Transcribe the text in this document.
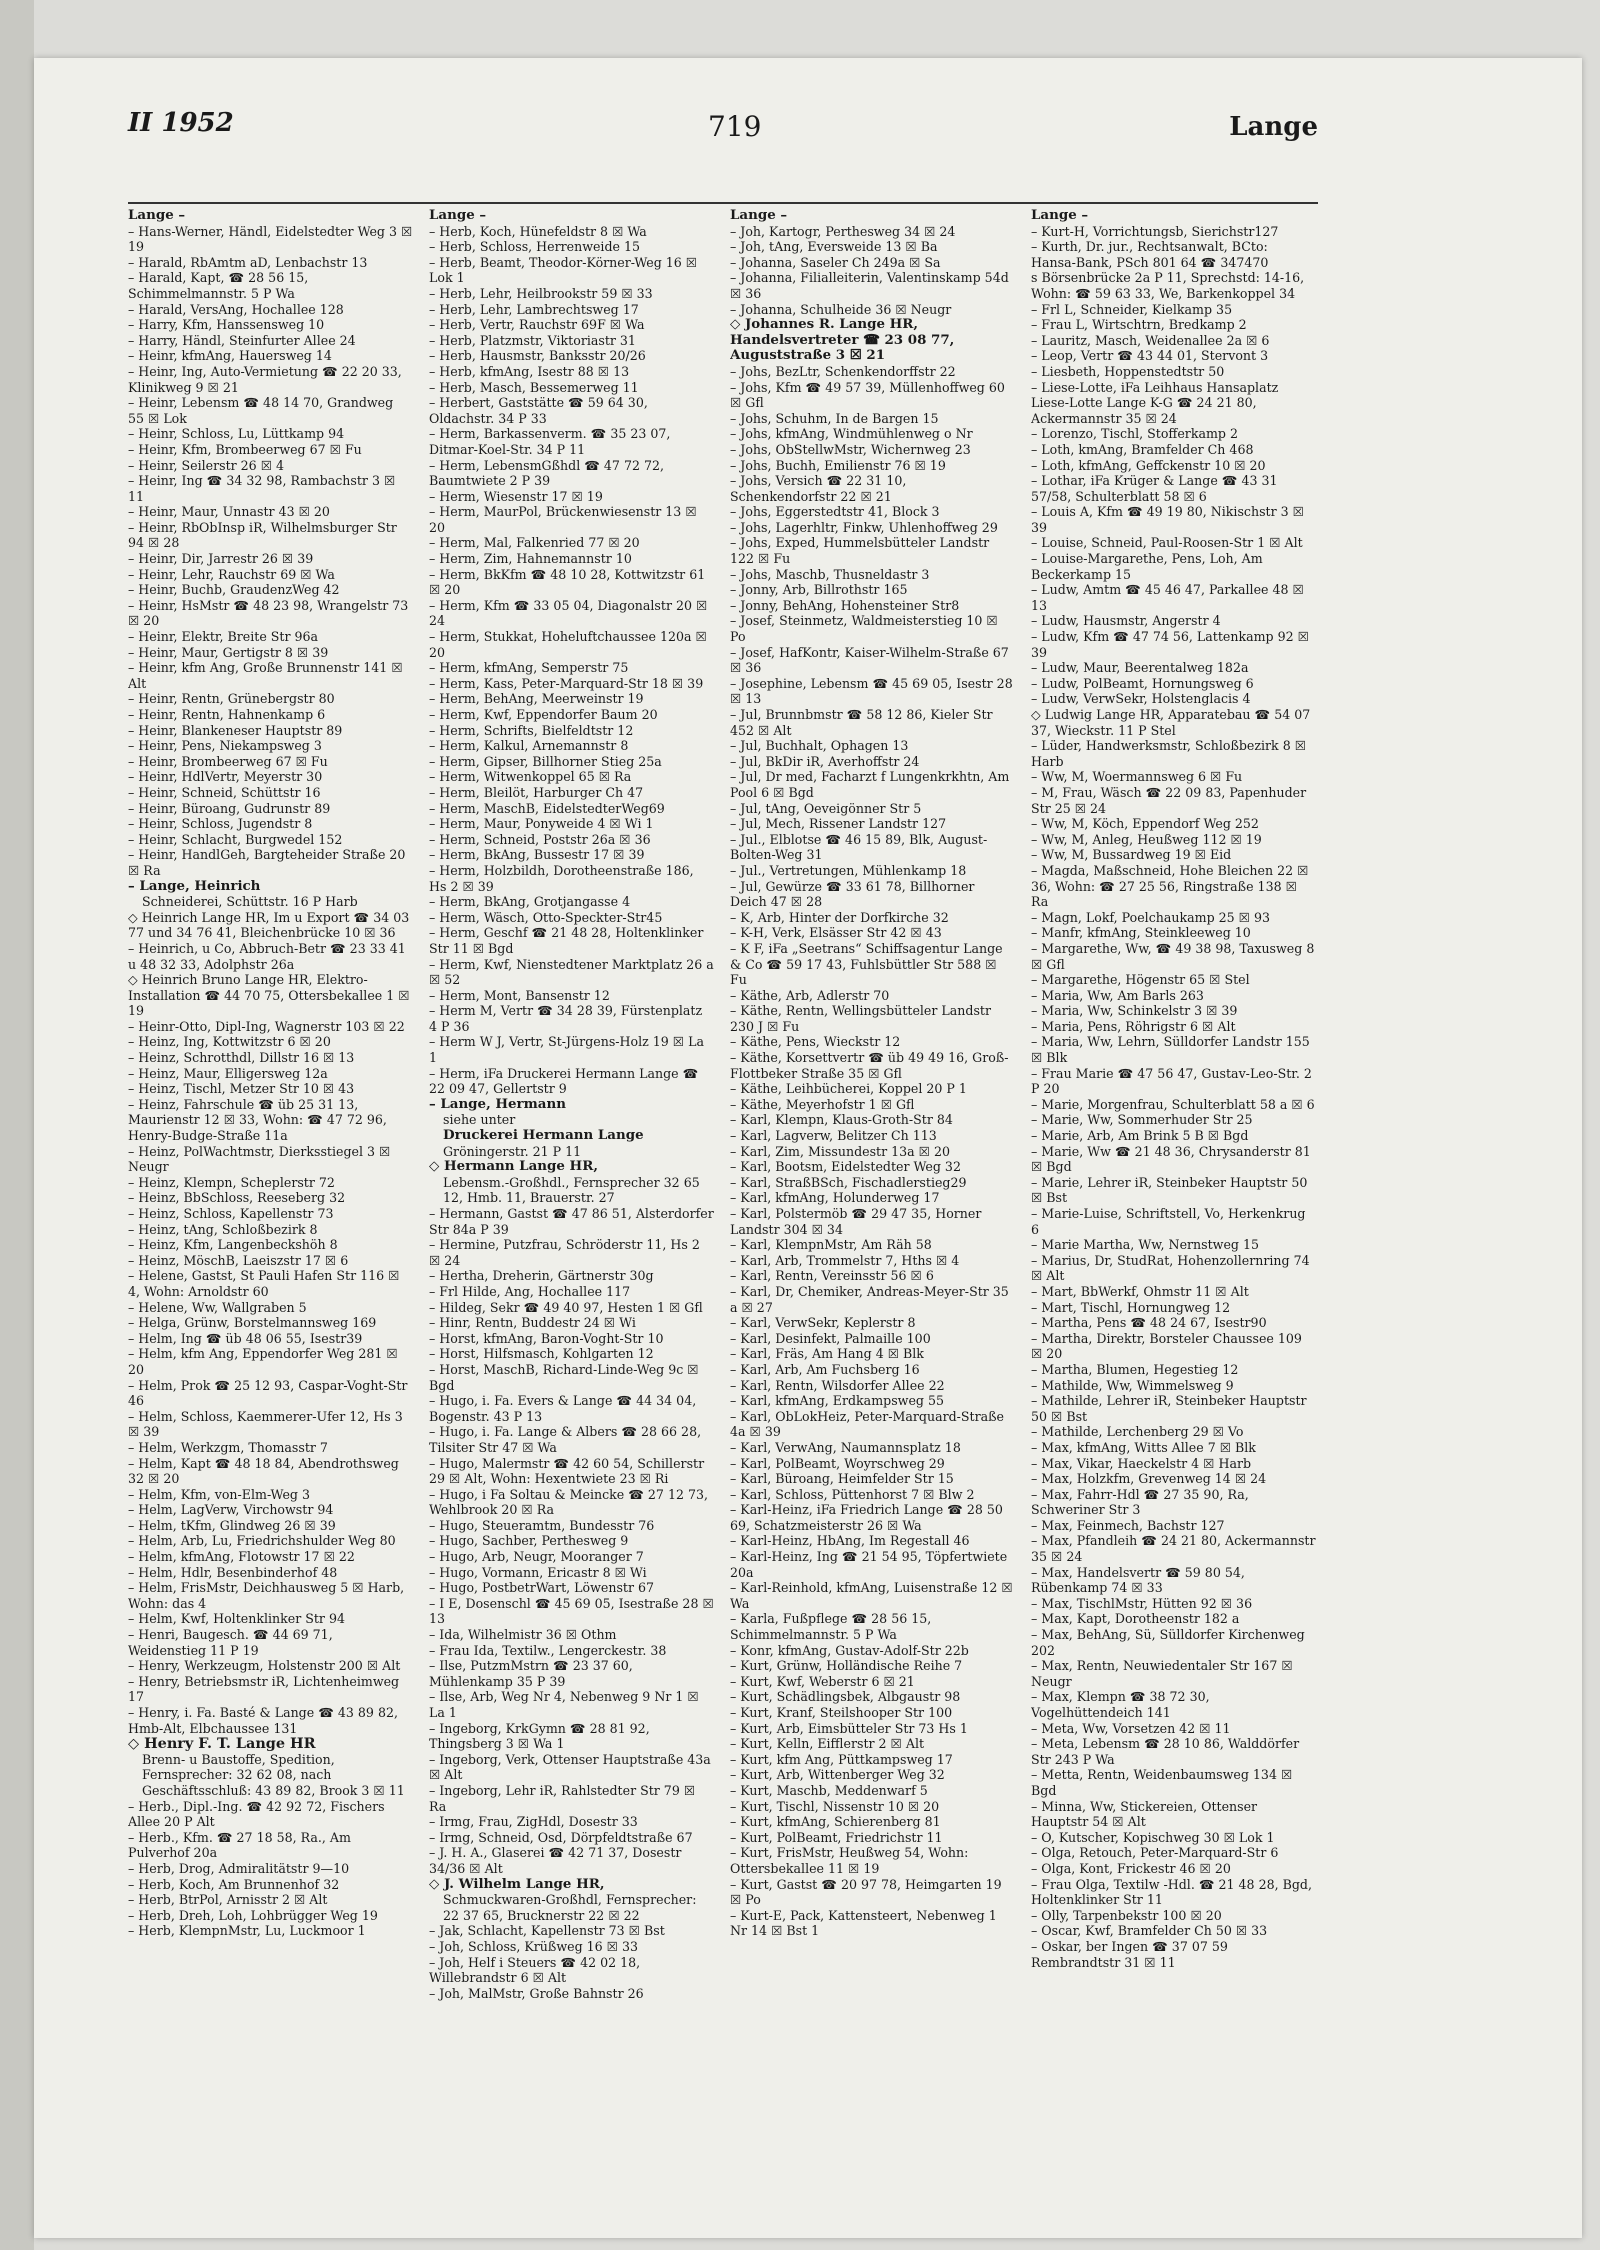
II 1952	719	Lange

Lange –

– Hans-Werner, Händl, Eidelstedter Weg 3 ☒ 19

– Harald, RbAmtm aD, Lenbachstr 13

– Harald, Kapt, ☎ 28 56 15, Schimmelmannstr. 5 P Wa

– Harald, VersAng, Hochallee 128

– Harry, Kfm, Hanssensweg 10

– Harry, Händl, Steinfurter Allee 24

– Heinr, kfmAng, Hauersweg 14

– Heinr, Ing, Auto-Vermietung ☎ 22 20 33, Klinikweg 9 ☒ 21

– Heinr, Lebensm ☎ 48 14 70, Grandweg 55 ☒ Lok

– Heinr, Schloss, Lu, Lüttkamp 94

– Heinr, Kfm, Brombeerweg 67 ☒ Fu

– Heinr, Seilerstr 26 ☒ 4

– Heinr, Ing ☎ 34 32 98, Rambachstr 3 ☒ 11

– Heinr, Maur, Unnastr 43 ☒ 20

– Heinr, RbObInsp iR, Wilhelmsburger Str 94 ☒ 28

– Heinr, Dir, Jarrestr 26 ☒ 39

– Heinr, Lehr, Rauchstr 69 ☒ Wa

– Heinr, Buchb, GraudenzWeg 42

– Heinr, HsMstr ☎ 48 23 98, Wrangelstr 73 ☒ 20

– Heinr, Elektr, Breite Str 96a

– Heinr, Maur, Gertigstr 8 ☒ 39

– Heinr, kfm Ang, Große Brunnenstr 141 ☒ Alt

– Heinr, Rentn, Grünebergstr 80

– Heinr, Rentn, Hahnenkamp 6

– Heinr, Blankeneser Hauptstr 89

– Heinr, Pens, Niekampsweg 3

– Heinr, Brombeerweg 67 ☒ Fu

– Heinr, HdlVertr, Meyerstr 30

– Heinr, Schneid, Schüttstr 16

– Heinr, Büroang, Gudrunstr 89

– Heinr, Schloss, Jugendstr 8

– Heinr, Schlacht, Burgwedel 152

– Heinr, HandlGeh, Bargteheider Straße 20 ☒ Ra

– Lange, Heinrich

Schneiderei, Schüttstr. 16 P Harb

◇ Heinrich Lange HR, Im u Export ☎ 34 03 77 und 34 76 41, Bleichenbrücke 10 ☒ 36

– Heinrich, u Co, Abbruch-Betr ☎ 23 33 41 u 48 32 33, Adolphstr 26a

◇ Heinrich Bruno Lange HR, Elektro-Installation ☎ 44 70 75, Ottersbekallee 1 ☒ 19

– Heinr-Otto, Dipl-Ing, Wagnerstr 103 ☒ 22

– Heinz, Ing, Kottwitzstr 6 ☒ 20

– Heinz, Schrotthdl, Dillstr 16 ☒ 13

– Heinz, Maur, Elligersweg 12a

– Heinz, Tischl, Metzer Str 10 ☒ 43

– Heinz, Fahrschule ☎ üb 25 31 13, Maurienstr 12 ☒ 33, Wohn: ☎ 47 72 96, Henry-Budge-Straße 11a

– Heinz, PolWachtmstr, Dierksstiegel 3 ☒ Neugr

– Heinz, Klempn, Scheplerstr 72

– Heinz, BbSchloss, Reeseberg 32

– Heinz, Schloss, Kapellenstr 73

– Heinz, tAng, Schloßbezirk 8

– Heinz, Kfm, Langenbeckshöh 8

– Heinz, MöschB, Laeiszstr 17 ☒ 6

– Helene, Gastst, St Pauli Hafen Str 116 ☒ 4, Wohn: Arnoldstr 60

– Helene, Ww, Wallgraben 5

– Helga, Grünw, Borstelmannsweg 169

– Helm, Ing ☎ üb 48 06 55, Isestr39

– Helm, kfm Ang, Eppendorfer Weg 281 ☒ 20

– Helm, Prok ☎ 25 12 93, Caspar-Voght-Str 46

– Helm, Schloss, Kaemmerer-Ufer 12, Hs 3 ☒ 39

– Helm, Werkzgm, Thomasstr 7

– Helm, Kapt ☎ 48 18 84, Abendrothsweg 32 ☒ 20

– Helm, Kfm, von-Elm-Weg 3

– Helm, LagVerw, Virchowstr 94

– Helm, tKfm, Glindweg 26 ☒ 39

– Helm, Arb, Lu, Friedrichshulder Weg 80

– Helm, kfmAng, Flotowstr 17 ☒ 22

– Helm, Hdlr, Besenbinderhof 48

– Helm, FrisMstr, Deichhausweg 5 ☒ Harb, Wohn: das 4

– Helm, Kwf, Holtenklinker Str 94

– Henri, Baugesch. ☎ 44 69 71, Weidenstieg 11 P 19

– Henry, Werkzeugm, Holstenstr 200 ☒ Alt

– Henry, Betriebsmstr iR, Lichtenheimweg 17

– Henry, i. Fa. Basté & Lange ☎ 43 89 82, Hmb-Alt, Elbchaussee 131

◇ Henry F. T. Lange HR

Brenn- u Baustoffe, Spedition, Fernsprecher: 32 62 08, nach Geschäftsschluß: 43 89 82, Brook 3 ☒ 11

– Herb., Dipl.-Ing. ☎ 42 92 72, Fischers Allee 20 P Alt

– Herb., Kfm. ☎ 27 18 58, Ra., Am Pulverhof 20a

– Herb, Drog, Admiralitätstr 9—10

– Herb, Koch, Am Brunnenhof 32

– Herb, BtrPol, Arnisstr 2 ☒ Alt

– Herb, Dreh, Loh, Lohbrügger Weg 19

– Herb, KlempnMstr, Lu, Luckmoor 1

Lange –

– Herb, Koch, Hünefeldstr 8 ☒ Wa

– Herb, Schloss, Herrenweide 15

– Herb, Beamt, Theodor-Körner-Weg 16 ☒ Lok 1

– Herb, Lehr, Heilbrookstr 59 ☒ 33

– Herb, Lehr, Lambrechtsweg 17

– Herb, Vertr, Rauchstr 69F ☒ Wa

– Herb, Platzmstr, Viktoriastr 31

– Herb, Hausmstr, Banksstr 20/26

– Herb, kfmAng, Isestr 88 ☒ 13

– Herb, Masch, Bessemerweg 11

– Herbert, Gaststätte ☎ 59 64 30, Oldachstr. 34 P 33

– Herm, Barkassenverm. ☎ 35 23 07, Ditmar-Koel-Str. 34 P 11

– Herm, LebensmGßhdl ☎ 47 72 72, Baumtwiete 2 P 39

– Herm, Wiesenstr 17 ☒ 19

– Herm, MaurPol, Brückenwiesenstr 13 ☒ 20

– Herm, Mal, Falkenried 77 ☒ 20

– Herm, Zim, Hahnemannstr 10

– Herm, BkKfm ☎ 48 10 28, Kottwitzstr 61 ☒ 20

– Herm, Kfm ☎ 33 05 04, Diagonalstr 20 ☒ 24

– Herm, Stukkat, Hoheluftchaussee 120a ☒ 20

– Herm, kfmAng, Semperstr 75

– Herm, Kass, Peter-Marquard-Str 18 ☒ 39

– Herm, BehAng, Meerweinstr 19

– Herm, Kwf, Eppendorfer Baum 20

– Herm, Schrifts, Bielfeldtstr 12

– Herm, Kalkul, Arnemannstr 8

– Herm, Gipser, Billhorner Stieg 25a

– Herm, Witwenkoppel 65 ☒ Ra

– Herm, Bleilöt, Harburger Ch 47

– Herm, MaschB, EidelstedterWeg69

– Herm, Maur, Ponyweide 4 ☒ Wi 1

– Herm, Schneid, Poststr 26a ☒ 36

– Herm, BkAng, Bussestr 17 ☒ 39

– Herm, Holzbildh, Dorotheenstraße 186, Hs 2 ☒ 39

– Herm, BkAng, Grotjangasse 4

– Herm, Wäsch, Otto-Speckter-Str45

– Herm, Geschf ☎ 21 48 28, Holtenklinker Str 11 ☒ Bgd

– Herm, Kwf, Nienstedtener Marktplatz 26 a ☒ 52

– Herm, Mont, Bansenstr 12

– Herm M, Vertr ☎ 34 28 39, Fürstenplatz 4 P 36

– Herm W J, Vertr, St-Jürgens-Holz 19 ☒ La 1

– Herm, iFa Druckerei Hermann Lange ☎ 22 09 47, Gellertstr 9

– Lange, Hermann

siehe unter

Druckerei Hermann Lange

Gröningerstr. 21 P 11

◇ Hermann Lange HR,

Lebensm.-Großhdl., Fernsprecher 32 65 12, Hmb. 11, Brauerstr. 27

– Hermann, Gastst ☎ 47 86 51, Alsterdorfer Str 84a P 39

– Hermine, Putzfrau, Schröderstr 11, Hs 2 ☒ 24

– Hertha, Dreherin, Gärtnerstr 30g

– Frl Hilde, Ang, Hochallee 117

– Hildeg, Sekr ☎ 49 40 97, Hesten 1 ☒ Gfl

– Hinr, Rentn, Buddestr 24 ☒ Wi

– Horst, kfmAng, Baron-Voght-Str 10

– Horst, Hilfsmasch, Kohlgarten 12

– Horst, MaschB, Richard-Linde-Weg 9c ☒ Bgd

– Hugo, i. Fa. Evers & Lange ☎ 44 34 04, Bogenstr. 43 P 13

– Hugo, i. Fa. Lange & Albers ☎ 28 66 28, Tilsiter Str 47 ☒ Wa

– Hugo, Malermstr ☎ 42 60 54, Schillerstr 29 ☒ Alt, Wohn: Hexentwiete 23 ☒ Ri

– Hugo, i Fa Soltau & Meincke ☎ 27 12 73, Wehlbrook 20 ☒ Ra

– Hugo, Steueramtm, Bundesstr 76

– Hugo, Sachber, Perthesweg 9

– Hugo, Arb, Neugr, Mooranger 7

– Hugo, Vormann, Ericastr 8 ☒ Wi

– Hugo, PostbetrWart, Löwenstr 67

– I E, Dosenschl ☎ 45 69 05, Isestraße 28 ☒ 13

– Ida, Wilhelmistr 36 ☒ Othm

– Frau Ida, Textilw., Lengerckestr. 38

– Ilse, PutzmMstrn ☎ 23 37 60, Mühlenkamp 35 P 39

– Ilse, Arb, Weg Nr 4, Nebenweg 9 Nr 1 ☒ La 1

– Ingeborg, KrkGymn ☎ 28 81 92, Thingsberg 3 ☒ Wa 1

– Ingeborg, Verk, Ottenser Hauptstraße 43a ☒ Alt

– Ingeborg, Lehr iR, Rahlstedter Str 79 ☒ Ra

– Irmg, Frau, ZigHdl, Dosestr 33

– Irmg, Schneid, Osd, Dörpfeldtstraße 67

– J. H. A., Glaserei ☎ 42 71 37, Dosestr 34/36 ☒ Alt

◇ J. Wilhelm Lange HR,

Schmuckwaren-Großhdl, Fernsprecher: 22 37 65, Brucknerstr 22 ☒ 22

– Jak, Schlacht, Kapellenstr 73 ☒ Bst

– Joh, Schloss, Krüßweg 16 ☒ 33

– Joh, Helf i Steuers ☎ 42 02 18, Willebrandstr 6 ☒ Alt

– Joh, MalMstr, Große Bahnstr 26

Lange –

– Joh, Kartogr, Perthesweg 34 ☒ 24

– Joh, tAng, Eversweide 13 ☒ Ba

– Johanna, Saseler Ch 249a ☒ Sa

– Johanna, Filialleiterin, Valentinskamp 54d ☒ 36

– Johanna, Schulheide 36 ☒ Neugr

◇ Johannes R. Lange HR, Handelsvertreter ☎ 23 08 77, Auguststraße 3 ☒ 21

– Johs, BezLtr, Schenkendorffstr 22

– Johs, Kfm ☎ 49 57 39, Müllenhoffweg 60 ☒ Gfl

– Johs, Schuhm, In de Bargen 15

– Johs, kfmAng, Windmühlenweg o Nr

– Johs, ObStellwMstr, Wichernweg 23

– Johs, Buchh, Emilienstr 76 ☒ 19

– Johs, Versich ☎ 22 31 10, Schenkendorfstr 22 ☒ 21

– Johs, Eggerstedtstr 41, Block 3

– Johs, Lagerhltr, Finkw, Uhlenhoffweg 29

– Johs, Exped, Hummelsbütteler Landstr 122 ☒ Fu

– Johs, Maschb, Thusneldastr 3

– Jonny, Arb, Billrothstr 165

– Jonny, BehAng, Hohensteiner Str8

– Josef, Steinmetz, Waldmeisterstieg 10 ☒ Po

– Josef, HafKontr, Kaiser-Wilhelm-Straße 67 ☒ 36

– Josephine, Lebensm ☎ 45 69 05, Isestr 28 ☒ 13

– Jul, Brunnbmstr ☎ 58 12 86, Kieler Str 452 ☒ Alt

– Jul, Buchhalt, Ophagen 13

– Jul, BkDir iR, Averhoffstr 24

– Jul, Dr med, Facharzt f Lungenkrkhtn, Am Pool 6 ☒ Bgd

– Jul, tAng, Oeveigönner Str 5

– Jul, Mech, Rissener Landstr 127

– Jul., Elblotse ☎ 46 15 89, Blk, August-Bolten-Weg 31

– Jul., Vertretungen, Mühlenkamp 18

– Jul, Gewürze ☎ 33 61 78, Billhorner Deich 47 ☒ 28

– K, Arb, Hinter der Dorfkirche 32

– K-H, Verk, Elsässer Str 42 ☒ 43

– K F, iFa „Seetrans“ Schiffsagentur Lange & Co ☎ 59 17 43, Fuhlsbüttler Str 588 ☒ Fu

– Käthe, Arb, Adlerstr 70

– Käthe, Rentn, Wellingsbütteler Landstr 230 J ☒ Fu

– Käthe, Pens, Wieckstr 12

– Käthe, Korsettvertr ☎ üb 49 49 16, Groß-Flottbeker Straße 35 ☒ Gfl

– Käthe, Leihbücherei, Koppel 20 P 1

– Käthe, Meyerhofstr 1 ☒ Gfl

– Karl, Klempn, Klaus-Groth-Str 84

– Karl, Lagverw, Belitzer Ch 113

– Karl, Zim, Missundestr 13a ☒ 20

– Karl, Bootsm, Eidelstedter Weg 32

– Karl, StraßBSch, Fischadlerstieg29

– Karl, kfmAng, Holunderweg 17

– Karl, Polstermöb ☎ 29 47 35, Horner Landstr 304 ☒ 34

– Karl, KlempnMstr, Am Räh 58

– Karl, Arb, Trommelstr 7, Hths ☒ 4

– Karl, Rentn, Vereinsstr 56 ☒ 6

– Karl, Dr, Chemiker, Andreas-Meyer-Str 35 a ☒ 27

– Karl, VerwSekr, Keplerstr 8

– Karl, Desinfekt, Palmaille 100

– Karl, Fräs, Am Hang 4 ☒ Blk

– Karl, Arb, Am Fuchsberg 16

– Karl, Rentn, Wilsdorfer Allee 22

– Karl, kfmAng, Erdkampsweg 55

– Karl, ObLokHeiz, Peter-Marquard-Straße 4a ☒ 39

– Karl, VerwAng, Naumannsplatz 18

– Karl, PolBeamt, Woyrschweg 29

– Karl, Büroang, Heimfelder Str 15

– Karl, Schloss, Püttenhorst 7 ☒ Blw 2

– Karl-Heinz, iFa Friedrich Lange ☎ 28 50 69, Schatzmeisterstr 26 ☒ Wa

– Karl-Heinz, HbAng, Im Regestall 46

– Karl-Heinz, Ing ☎ 21 54 95, Töpfertwiete 20a

– Karl-Reinhold, kfmAng, Luisenstraße 12 ☒ Wa

– Karla, Fußpflege ☎ 28 56 15, Schimmelmannstr. 5 P Wa

– Konr, kfmAng, Gustav-Adolf-Str 22b

– Kurt, Grünw, Holländische Reihe 7

– Kurt, Kwf, Weberstr 6 ☒ 21

– Kurt, Schädlingsbek, Albgaustr 98

– Kurt, Kranf, Steilshooper Str 100

– Kurt, Arb, Eimsbütteler Str 73 Hs 1

– Kurt, Kelln, Eifflerstr 2 ☒ Alt

– Kurt, kfm Ang, Püttkampsweg 17

– Kurt, Arb, Wittenberger Weg 32

– Kurt, Maschb, Meddenwarf 5

– Kurt, Tischl, Nissenstr 10 ☒ 20

– Kurt, kfmAng, Schierenberg 81

– Kurt, PolBeamt, Friedrichstr 11

– Kurt, FrisMstr, Heußweg 54, Wohn: Ottersbekallee 11 ☒ 19

– Kurt, Gastst ☎ 20 97 78, Heimgarten 19 ☒ Po

– Kurt-E, Pack, Kattensteert, Nebenweg 1 Nr 14 ☒ Bst 1

Lange –

– Kurt-H, Vorrichtungsb, Sierichstr127

– Kurth, Dr. jur., Rechtsanwalt, BCto: Hansa-Bank, PSch 801 64 ☎ 347470

s Börsenbrücke 2a P 11, Sprechstd: 14-16, Wohn: ☎ 59 63 33, We, Barkenkoppel 34

– Frl L, Schneider, Kielkamp 35

– Frau L, Wirtschtrn, Bredkamp 2

– Lauritz, Masch, Weidenallee 2a ☒ 6

– Leop, Vertr ☎ 43 44 01, Stervont 3

– Liesbeth, Hoppenstedtstr 50

– Liese-Lotte, iFa Leihhaus Hansaplatz Liese-Lotte Lange K-G ☎ 24 21 80, Ackermannstr 35 ☒ 24

– Lorenzo, Tischl, Stofferkamp 2

– Loth, kmAng, Bramfelder Ch 468

– Loth, kfmAng, Geffckenstr 10 ☒ 20

– Lothar, iFa Krüger & Lange ☎ 43 31 57/58, Schulterblatt 58 ☒ 6

– Louis A, Kfm ☎ 49 19 80, Nikischstr 3 ☒ 39

– Louise, Schneid, Paul-Roosen-Str 1 ☒ Alt

– Louise-Margarethe, Pens, Loh, Am Beckerkamp 15

– Ludw, Amtm ☎ 45 46 47, Parkallee 48 ☒ 13

– Ludw, Hausmstr, Angerstr 4

– Ludw, Kfm ☎ 47 74 56, Lattenkamp 92 ☒ 39

– Ludw, Maur, Beerentalweg 182a

– Ludw, PolBeamt, Hornungsweg 6

– Ludw, VerwSekr, Holstenglacis 4

◇ Ludwig Lange HR, Apparatebau ☎ 54 07 37, Wieckstr. 11 P Stel

– Lüder, Handwerksmstr, Schloßbezirk 8 ☒ Harb

– Ww, M, Woermannsweg 6 ☒ Fu

– M, Frau, Wäsch ☎ 22 09 83, Papenhuder Str 25 ☒ 24

– Ww, M, Köch, Eppendorf Weg 252

– Ww, M, Anleg, Heußweg 112 ☒ 19

– Ww, M, Bussardweg 19 ☒ Eid

– Magda, Maßschneid, Hohe Bleichen 22 ☒ 36, Wohn: ☎ 27 25 56, Ringstraße 138 ☒ Ra

– Magn, Lokf, Poelchaukamp 25 ☒ 93

– Manfr, kfmAng, Steinkleeweg 10

– Margarethe, Ww, ☎ 49 38 98, Taxusweg 8 ☒ Gfl

– Margarethe, Högenstr 65 ☒ Stel

– Maria, Ww, Am Barls 263

– Maria, Ww, Schinkelstr 3 ☒ 39

– Maria, Pens, Röhrigstr 6 ☒ Alt

– Maria, Ww, Lehrn, Sülldorfer Landstr 155 ☒ Blk

– Frau Marie ☎ 47 56 47, Gustav-Leo-Str. 2 P 20

– Marie, Morgenfrau, Schulterblatt 58 a ☒ 6

– Marie, Ww, Sommerhuder Str 25

– Marie, Arb, Am Brink 5 B ☒ Bgd

– Marie, Ww ☎ 21 48 36, Chrysanderstr 81 ☒ Bgd

– Marie, Lehrer iR, Steinbeker Hauptstr 50 ☒ Bst

– Marie-Luise, Schriftstell, Vo, Herkenkrug 6

– Marie Martha, Ww, Nernstweg 15

– Marius, Dr, StudRat, Hohenzollernring 74 ☒ Alt

– Mart, BbWerkf, Ohmstr 11 ☒ Alt

– Mart, Tischl, Hornungweg 12

– Martha, Pens ☎ 48 24 67, Isestr90

– Martha, Direktr, Borsteler Chaussee 109 ☒ 20

– Martha, Blumen, Hegestieg 12

– Mathilde, Ww, Wimmelsweg 9

– Mathilde, Lehrer iR, Steinbeker Hauptstr 50 ☒ Bst

– Mathilde, Lerchenberg 29 ☒ Vo

– Max, kfmAng, Witts Allee 7 ☒ Blk

– Max, Vikar, Haeckelstr 4 ☒ Harb

– Max, Holzkfm, Grevenweg 14 ☒ 24

– Max, Fahrr-Hdl ☎ 27 35 90, Ra, Schweriner Str 3

– Max, Feinmech, Bachstr 127

– Max, Pfandleih ☎ 24 21 80, Ackermannstr 35 ☒ 24

– Max, Handelsvertr ☎ 59 80 54, Rübenkamp 74 ☒ 33

– Max, TischlMstr, Hütten 92 ☒ 36

– Max, Kapt, Dorotheenstr 182 a

– Max, BehAng, Sü, Sülldorfer Kirchenweg 202

– Max, Rentn, Neuwiedentaler Str 167 ☒ Neugr

– Max, Klempn ☎ 38 72 30, Vogelhüttendeich 141

– Meta, Ww, Vorsetzen 42 ☒ 11

– Meta, Lebensm ☎ 28 10 86, Walddörfer Str 243 P Wa

– Metta, Rentn, Weidenbaumsweg 134 ☒ Bgd

– Minna, Ww, Stickereien, Ottenser Hauptstr 54 ☒ Alt

– O, Kutscher, Kopischweg 30 ☒ Lok 1

– Olga, Retouch, Peter-Marquard-Str 6

– Olga, Kont, Frickestr 46 ☒ 20

– Frau Olga, Textilw -Hdl. ☎ 21 48 28, Bgd, Holtenklinker Str 11

– Olly, Tarpenbekstr 100 ☒ 20

– Oscar, Kwf, Bramfelder Ch 50 ☒ 33

– Oskar, ber Ingen ☎ 37 07 59 Rembrandtstr 31 ☒ 11
